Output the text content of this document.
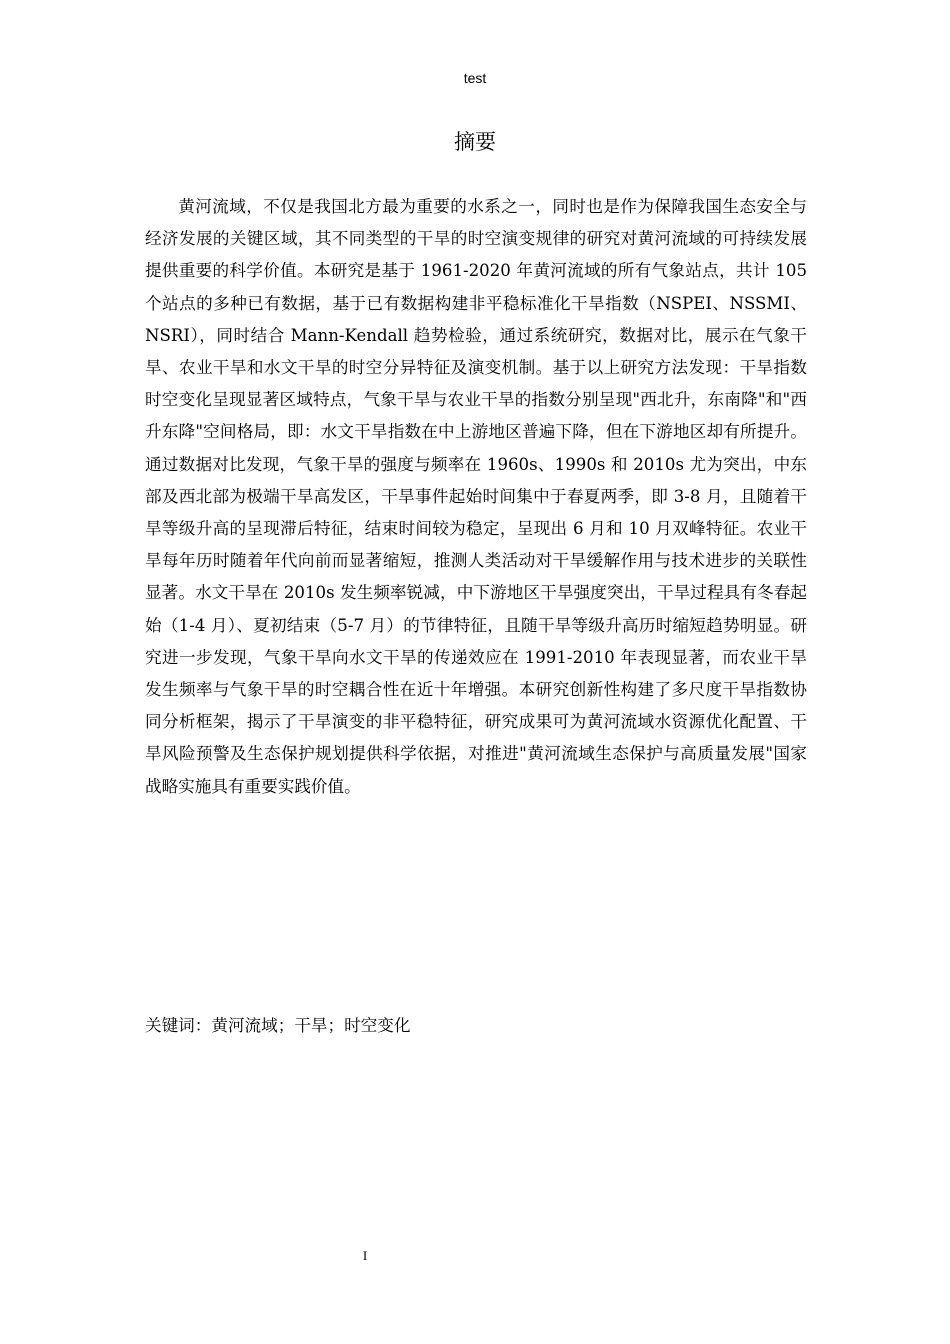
test
摘要

黄河流域，不仅是我国北方最为重要的水系之一，同时也是作为保障我国生态安全与经济发展的关键区域，其不同类型的干旱的时空演变规律的研究对黄河流域的可持续发展提供重要的科学价值。本研究是基于 1961-2020 年黄河流域的所有气象站点，共计 105 个站点的多种已有数据，基于已有数据构建非平稳标准化干旱指数（NSPEI、NSSMI、NSRI），同时结合 Mann-Kendall 趋势检验，通过系统研究，数据对比，展示在气象干旱、农业干旱和水文干旱的时空分异特征及演变机制。基于以上研究方法发现：干旱指数时空变化呈现显著区域特点，气象干旱与农业干旱的指数分别呈现"西北升，东南降"和"西升东降"空间格局，即：水文干旱指数在中上游地区普遍下降，但在下游地区却有所提升。通过数据对比发现，气象干旱的强度与频率在 1960s、1990s 和 2010s 尤为突出，中东部及西北部为极端干旱高发区，干旱事件起始时间集中于春夏两季，即 3-8 月，且随着干旱等级升高的呈现滞后特征，结束时间较为稳定，呈现出 6 月和 10 月双峰特征。农业干旱每年历时随着年代向前而显著缩短，推测人类活动对干旱缓解作用与技术进步的关联性显著。水文干旱在 2010s 发生频率锐减，中下游地区干旱强度突出，干旱过程具有冬春起始（1-4 月）、夏初结束（5-7 月）的节律特征，且随干旱等级升高历时缩短趋势明显。研究进一步发现，气象干旱向水文干旱的传递效应在 1991-2010 年表现显著，而农业干旱发生频率与气象干旱的时空耦合性在近十年增强。本研究创新性构建了多尺度干旱指数协同分析框架，揭示了干旱演变的非平稳特征，研究成果可为黄河流域水资源优化配置、干旱风险预警及生态保护规划提供科学依据，对推进"黄河流域生态保护与高质量发展"国家战略实施具有重要实践价值。

关键词：黄河流域；干旱；时空变化
I
